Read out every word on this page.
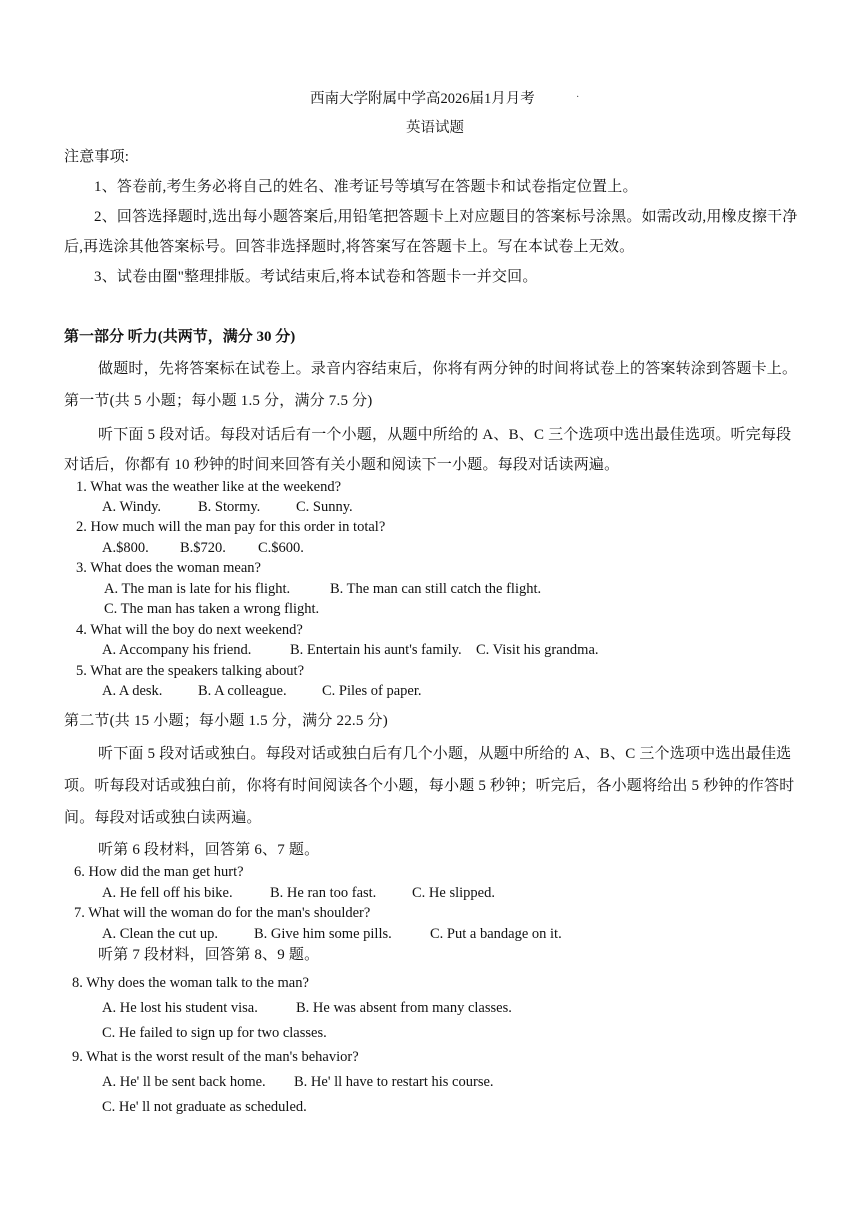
西南大学附属中学高2026届1月月考	·
英语试题
注意事项:
1、答卷前,考生务必将自己的姓名、准考证号等填写在答题卡和试卷指定位置上。
2、回答选择题时,选出每小题答案后,用铅笔把答题卡上对应题目的答案标号涂黑。如需改动,用橡皮擦干净
后,再选涂其他答案标号。回答非选择题时,将答案写在答题卡上。写在本试卷上无效。
3、试卷由圈"整理排版。考试结束后,将本试卷和答题卡一并交回。
第一部分 听力(共两节，满分 30 分)
做题时，先将答案标在试卷上。录音内容结束后，你将有两分钟的时间将试卷上的答案转涂到答题卡上。
第一节(共 5 小题；每小题 1.5 分，满分 7.5 分)
听下面 5 段对话。每段对话后有一个小题，从题中所给的 A、B、C 三个选项中选出最佳选项。听完每段
对话后，你都有 10 秒钟的时间来回答有关小题和阅读下一小题。每段对话读两遍。
1. What was the weather like at the weekend?
A. Windy.	B. Stormy. C. Sunny.
2. How much will the man pay for this order in total?
A.$800. B.$720. C.$600.
3. What does the woman mean?
A. The man is late for his flight.	B. The man can still catch the flight.
C. The man has taken a wrong flight.
4. What will the boy do next weekend?
A. Accompany his friend.	B. Entertain his aunt's family. C. Visit his grandma.
5. What are the speakers talking about?
A. A desk. B. A colleague. C. Piles of paper.
第二节(共 15 小题；每小题 1.5 分，满分 22.5 分)
听下面 5 段对话或独白。每段对话或独白后有几个小题，从题中所给的 A、B、C 三个选项中选出最佳选
项。听每段对话或独白前，你将有时间阅读各个小题，每小题 5 秒钟；听完后，各小题将给出 5 秒钟的作答时
间。每段对话或独白读两遍。
听第 6 段材料，回答第 6、7 题。
6. How did the man get hurt?
A. He fell off his bike.	B. He ran too fast. C. He slipped.
7. What will the woman do for the man's shoulder?
A. Clean the cut up. B. Give him some pills.	C. Put a bandage on it.
听第 7 段材料，回答第 8、9 题。
8. Why does the woman talk to the man?
A. He lost his student visa.	B. He was absent from many classes.
C. He failed to sign up for two classes.
9. What is the worst result of the man's behavior?
A. He' ll be sent back home. B. He' ll have to restart his course.
C. He' ll not graduate as scheduled.
